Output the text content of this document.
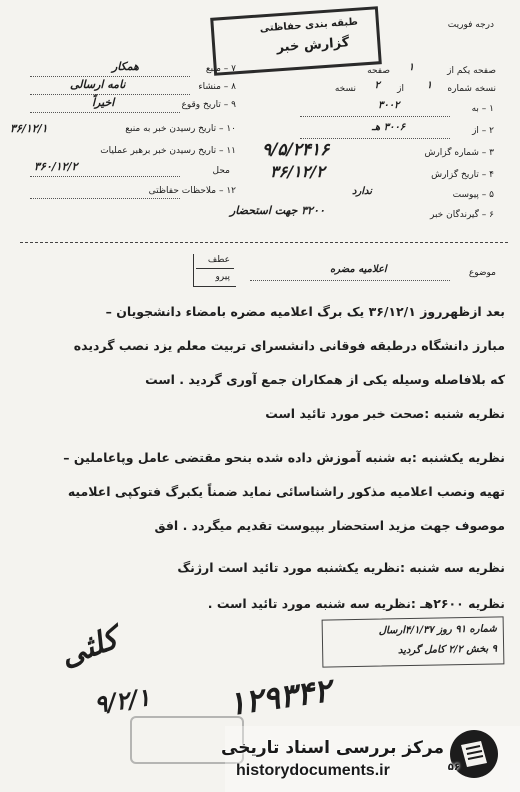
درجه فوریت
طبقه بندی حفاظتی
گزارش خبر
۷ – منبع
همکار
۸ – منشاء
نامه ارسالی
۹ – تاریخ وقوع
اخیراً
۱۰ – تاریخ رسیدن خبر به منبع
۳۶/۱۲/۱
۱۱ – تاریخ رسیدن خبر برهبر عملیات
محل
۳۶۰/۱۲/۲
۱۲ – ملاحظات حفاظتی
صفحه یکم از
۱
صفحه
نسخه شماره
۱
از
۲
نسخه
۱ – به
۳۰۰۲
۲ – از
۳۰۰۶ هـ
۳ – شماره گزارش
۹/۵/۲۴۱۶
۴ – تاریخ گزارش
۳۶/۱۲/۲
۵ – پیوست
ندارد
۶ – گیرندگان خبر
۳۲۰۰ جهت استحضار
عطف
پیرو	موضوع
اعلامیه مضره
بعد ازظهرروز ۳۶/۱۲/۱ یک برگ اعلامیه مضره بامضاء دانشجویان –
مبارز دانشگاه درطبقه فوقانی دانشسرای تربیت معلم یزد نصب گردیده
که بلافاصله وسیله یکی از همکاران جمع آوری گردید . است
نظریه شنبه :صحت خبر مورد تائید است
نظریه یکشنبه :به شنبه آموزش داده شده بنحو مقتضی عامل وپاعاملین –
تهیه ونصب اعلامیه مذکور راشناسائی نماید ضمناً یکبرگ فتوکپی اعلامیه
موصوف جهت مزید استحضار بپیوست تقدیم میگردد . افق
نظریه سه شنبه :نظریه یکشنبه مورد تائید است ارژنگ
نظریه ۲۶۰۰هـ :نظریه سه شنبه مورد تائید است .
شماره ۹۱ روز ۴/۱/۳۷ارسال
۹ بخش ۲/۲ کامل گردید
کلثی
۹/۲/۱ ۱۲۹۳۴۲
مرکز بررسی اسناد تاریخی
historydocuments.ir	۵۶
